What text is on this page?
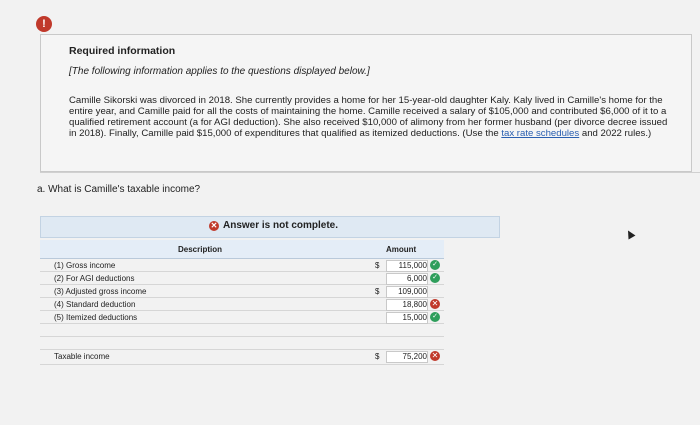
!
Required information
[The following information applies to the questions displayed below.]
Camille Sikorski was divorced in 2018. She currently provides a home for her 15-year-old daughter Kaly. Kaly lived in Camille's home for the entire year, and Camille paid for all the costs of maintaining the home. Camille received a salary of $105,000 and contributed $6,000 of it to a qualified retirement account (a for AGI deduction). She also received $10,000 of alimony from her former husband (per divorce decree issued in 2018). Finally, Camille paid $15,000 of expenditures that qualified as itemized deductions. (Use the tax rate schedules and 2022 rules.)
a. What is Camille's taxable income?
✕ Answer is not complete.
Description	Amount
(1) Gross income	$	115,000 ✓
(2) For AGI deductions	6,000 ✓
(3) Adjusted gross income	$	109,000
(4) Standard deduction	18,800 ✕
(5) Itemized deductions	15,000 ✓
Taxable income	$	75,200 ✕
